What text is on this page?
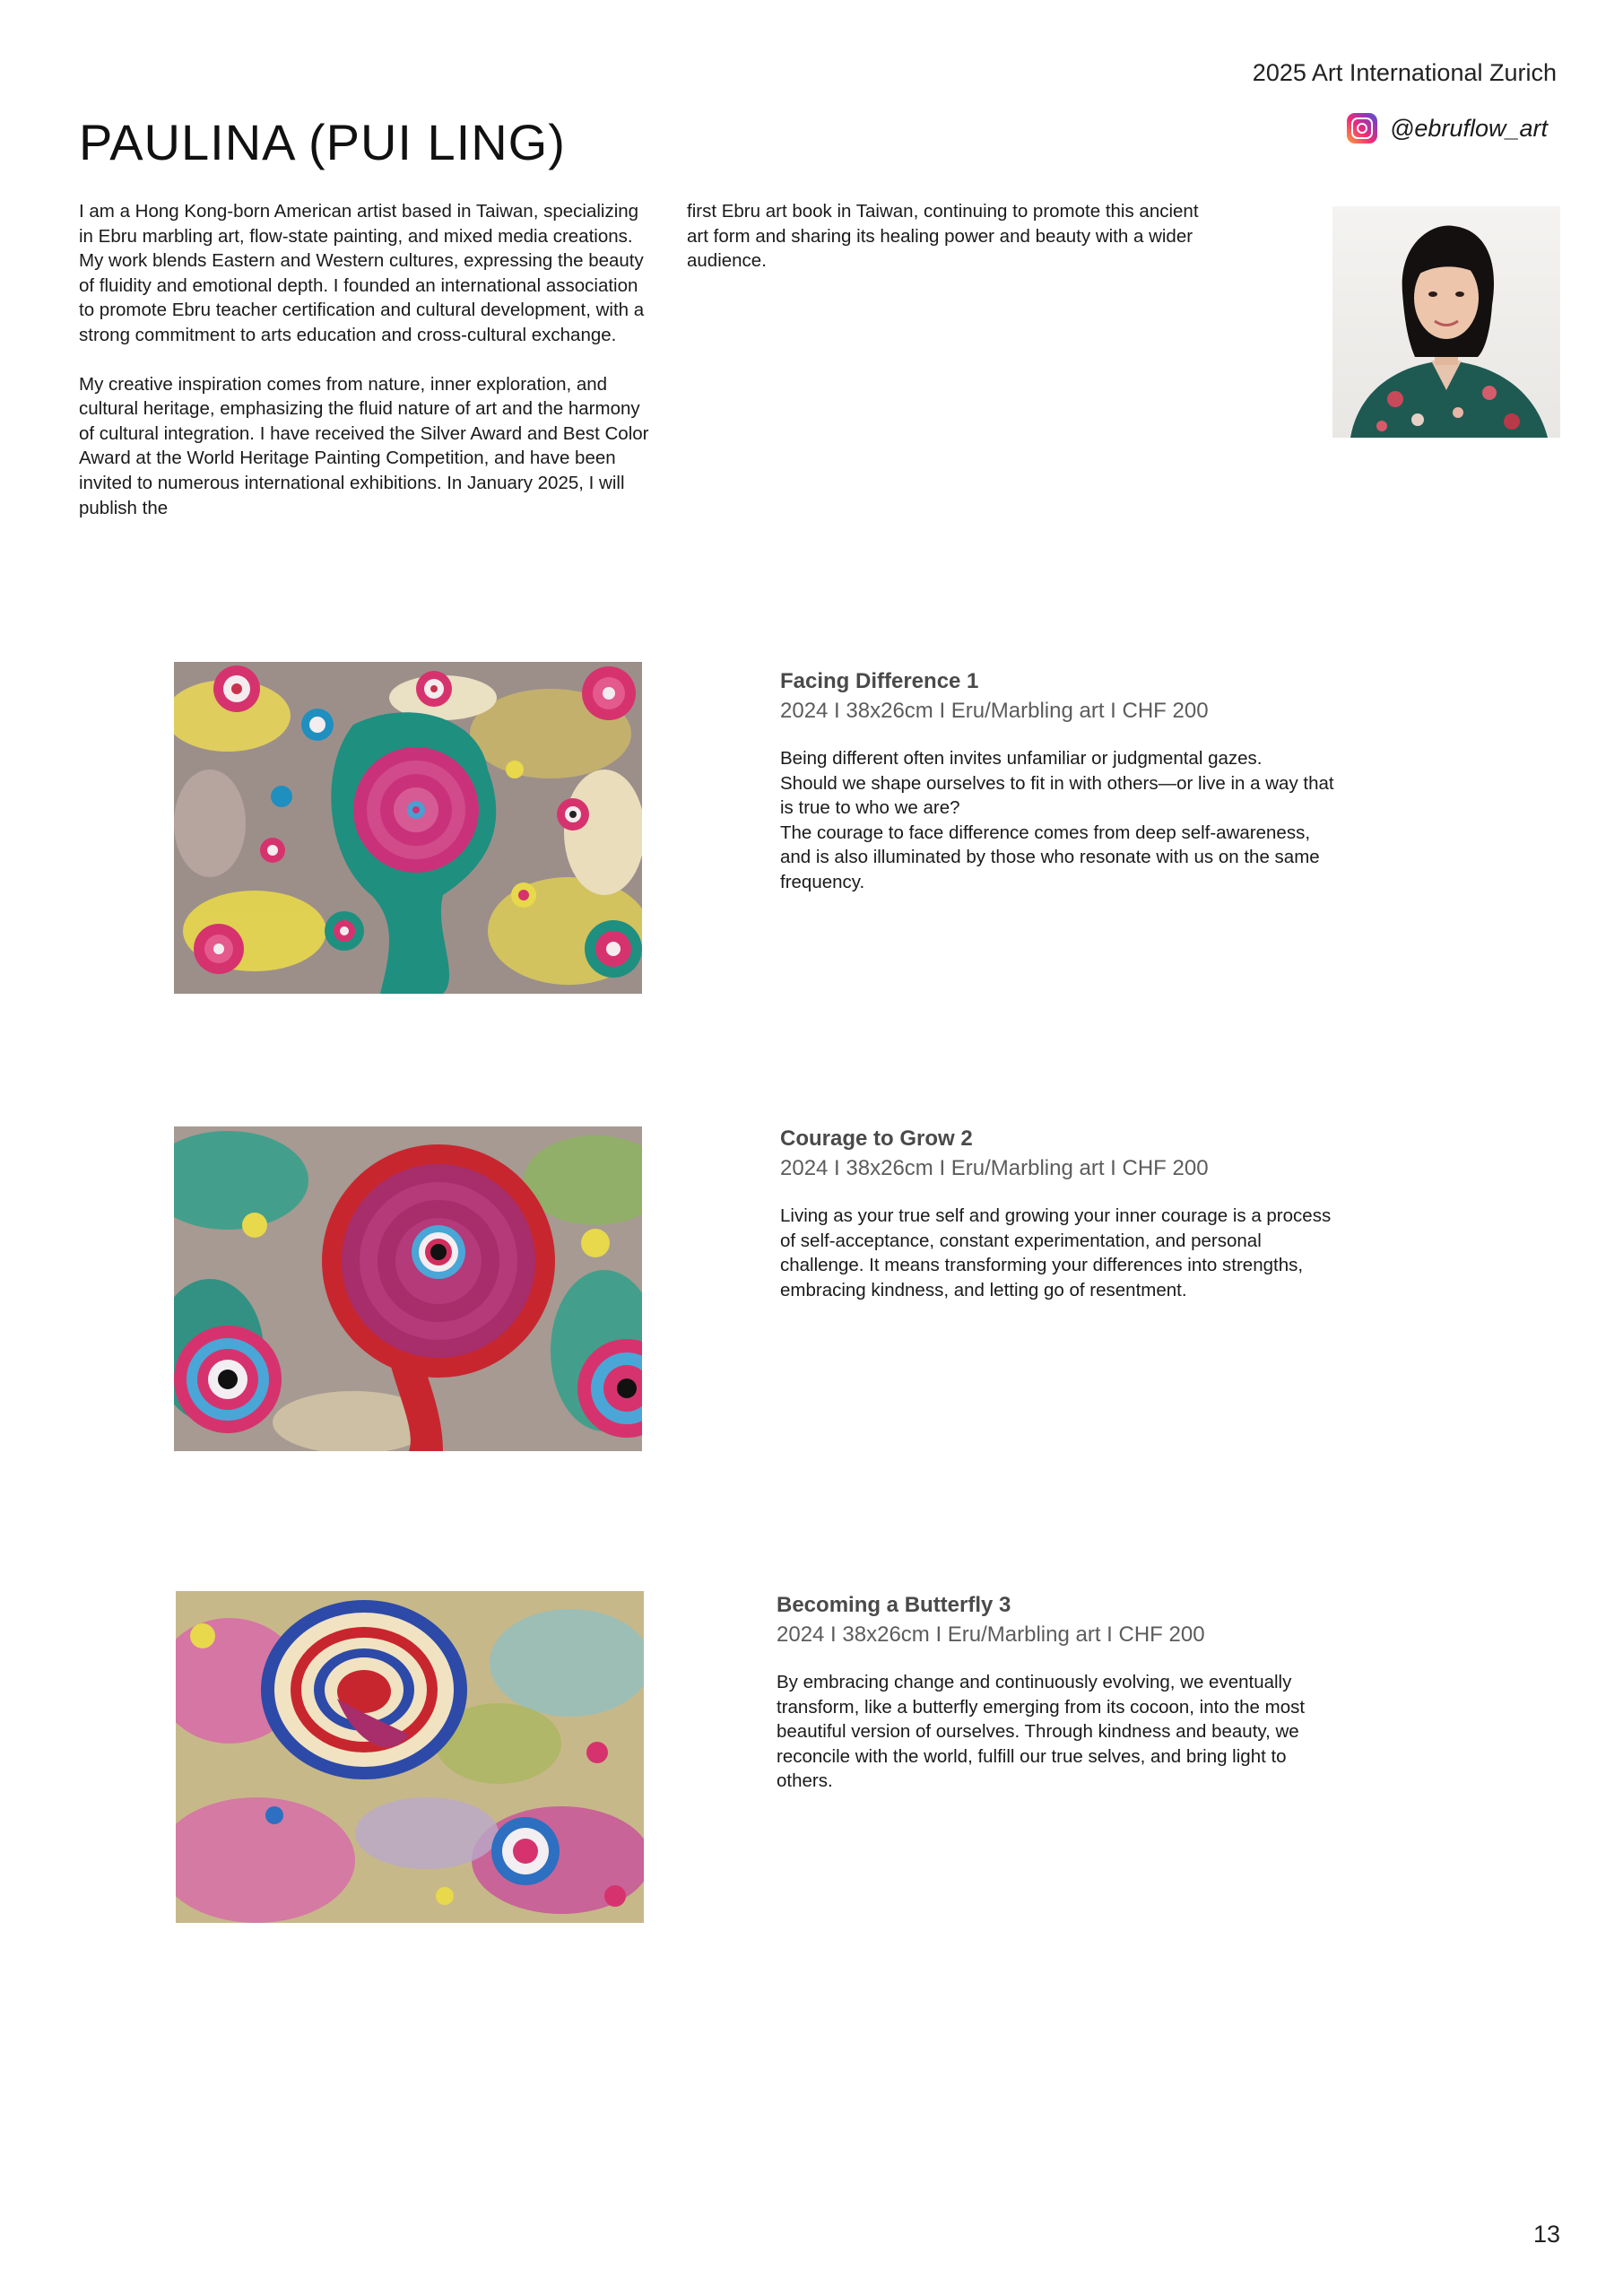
2025 Art International Zurich
@ebruflow_art
PAULINA (PUI LING)

I am a Hong Kong-born American artist based in Taiwan, specializing in Ebru marbling art, flow-state painting, and mixed media creations. My work blends Eastern and Western cultures, expressing the beauty of fluidity and emotional depth. I founded an international association to promote Ebru teacher certification and cultural development, with a strong commitment to arts education and cross-cultural exchange.

My creative inspiration comes from nature, inner exploration, and cultural heritage, emphasizing the fluid nature of art and the harmony of cultural integration. I have received the Silver Award and Best Color Award at the World Heritage Painting Competition, and have been invited to numerous international exhibitions. In January 2025, I will publish the

first Ebru art book in Taiwan, continuing to promote this ancient art form and sharing its healing power and beauty with a wider audience.

Facing Difference 1
2024 I 38x26cm I Eru/Marbling art I CHF 200
Being different often invites unfamiliar or judgmental gazes.
Should we shape ourselves to fit in with others—or live in a way that is true to who we are?
The courage to face difference comes from deep self-awareness,
and is also illuminated by those who resonate with us on the same frequency.
Courage to Grow 2
2024 I 38x26cm I Eru/Marbling art I CHF 200
Living as your true self and growing your inner courage is a process of self-acceptance, constant experimentation, and personal challenge. It means transforming your differences into strengths, embracing kindness, and letting go of resentment.
Becoming a Butterfly 3
2024 I 38x26cm I Eru/Marbling art I CHF 200
By embracing change and continuously evolving, we eventually transform, like a butterfly emerging from its cocoon, into the most beautiful version of ourselves. Through kindness and beauty, we reconcile with the world, fulfill our true selves, and bring light to others.
13
